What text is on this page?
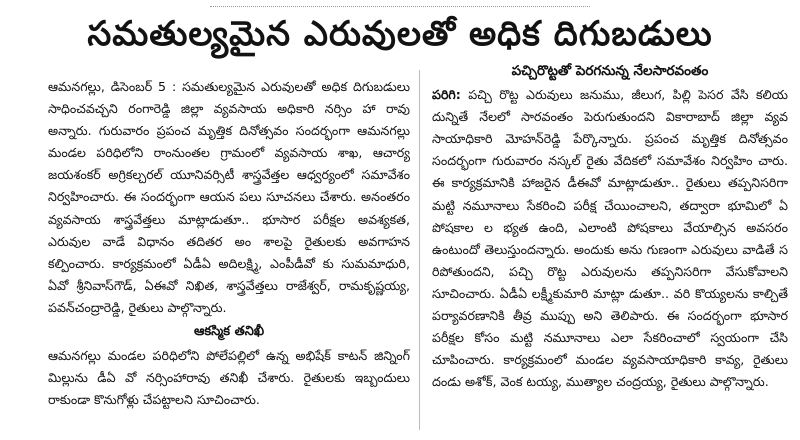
సమతుల్యమైన ఎరువులతో అధిక దిగుబడులు

ఆమనగల్లు, డిసెంబర్ 5 : సమతుల్యమైన ఎరువులతో అధిక దిగుబడులు సాధించవచ్చని రంగారెడ్డి జిల్లా వ్యవసాయ అధికారి నర్సిం హా రావు అన్నారు. గురువారం ప్రపంచ మృత్తిక దినోత్సవం సందర్భంగా ఆమనగల్లు మండల పరిధిలోని రాంనుంతల గ్రామంలో వ్యవసాయ శాఖ, ఆచార్య జయశంకర్ అగ్రికల్చరల్ యూనివర్సిటీ శాస్త్రవేత్తల ఆధ్వర్యంలో సమావేశం నిర్వహించారు. ఈ సందర్భంగా ఆయన పలు సూచనలు చేశారు. అనంతరం వ్యవసాయ శాస్త్రవేత్తలు మాట్లాడుతూ.. భూసార పరీక్షల అవశ్యకత, ఎరువుల వాడే విధానం తదితర అం శాలపై రైతులకు అవగాహన కల్పించారు. కార్యక్రమంలో ఏడీఏ అదిలక్ష్మి, ఎంపీడీవో కు సుమమాధురి, ఏవో శ్రీనివాస్‌గౌడ్, ఏఈవో నిఖిత, శాస్త్రవేత్తలు రాజేశ్వర్, రామకృష్ణయ్య, పవన్‌చంద్రారెడ్డి, రైతులు పాల్గొన్నారు.

ఆకస్మిక తనిఖీ

ఆమనగల్లు మండల పరిధిలోని పోలేపల్లిలో ఉన్న అభిషేక్ కాటన్ జిన్నింగ్ మిల్లును డీఏ వో నర్సింహారావు తనిఖీ చేశారు. రైతులకు ఇబ్బందులు రాకుండా కొనుగోళ్లు చేపట్టాలని సూచించారు.

పచ్చిరొట్టతో పెరగనున్న నేలసారవంతం

పరిగి: పచ్చి రొట్ట ఎరువులు జనుము, జీలుగ, పిల్లి పెసర వేసి కలియ దున్నితే నేలలో సారవంతం పెరుగుతుందని వికారాబాద్ జిల్లా వ్యవ సాయాధికారి మోహన్‌రెడ్డి పేర్కొన్నారు. ప్రపంచ మృత్తిక దినోత్సవం సందర్భంగా గురువారం నస్కల్ రైతు వేదికలో సమావేశం నిర్వహిం చారు. ఈ కార్యక్రమానికి హాజరైన డీఈవో మాట్లాడుతూ.. రైతులు తప్పనిసరిగా మట్టి నమూనాలు సేకరించి పరీక్ష చేయించాలని, తద్వారా భూమిలో ఏ పోషకాల ల భ్యత ఉంది, ఎలాంటి పోషకాలు వేయాల్సిన అవసరం ఉంటుందో తెలుస్తుందన్నారు. అందుకు అను గుణంగా ఎరువులు వాడితే స రిపోతుందని, పచ్చి రొట్ట ఎరువులను తప్పనిసరిగా వేసుకోవాలని సూచించారు. ఏడీఏ లక్ష్మీకుమారి మాట్లా డుతూ.. వరి కొయ్యలను కాల్చితే పర్యావరణానికి తీవ్ర ముప్పు అని తెలిపారు. ఈ సందర్భంగా భూసార పరీక్షల కోసం మట్టి నమూనాలు ఎలా సేకరించాలో స్వయంగా చేసి చూపించారు. కార్యక్రమంలో మండల వ్యవసాయాధికారి కావ్య, రైతులు దండు అశోక్, వెంక టయ్య, ముత్యాల చంద్రయ్య, రైతులు పాల్గొన్నారు.
